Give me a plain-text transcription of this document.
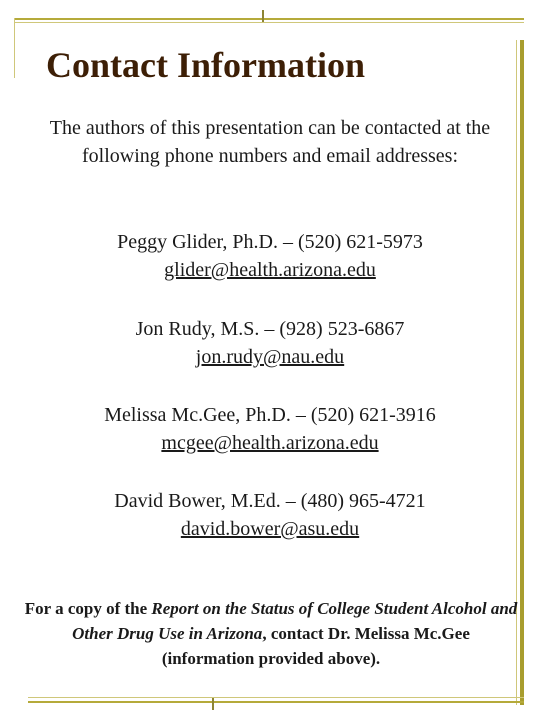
Contact Information
The authors of this presentation can be contacted at the following phone numbers and email addresses:
Peggy Glider, Ph.D. – (520) 621-5973
glider@health.arizona.edu
Jon Rudy, M.S. – (928) 523-6867
jon.rudy@nau.edu
Melissa Mc.Gee, Ph.D. – (520) 621-3916
mcgee@health.arizona.edu
David Bower, M.Ed. – (480) 965-4721
david.bower@asu.edu
For a copy of the Report on the Status of College Student Alcohol and Other Drug Use in Arizona, contact Dr. Melissa Mc.Gee (information provided above).
